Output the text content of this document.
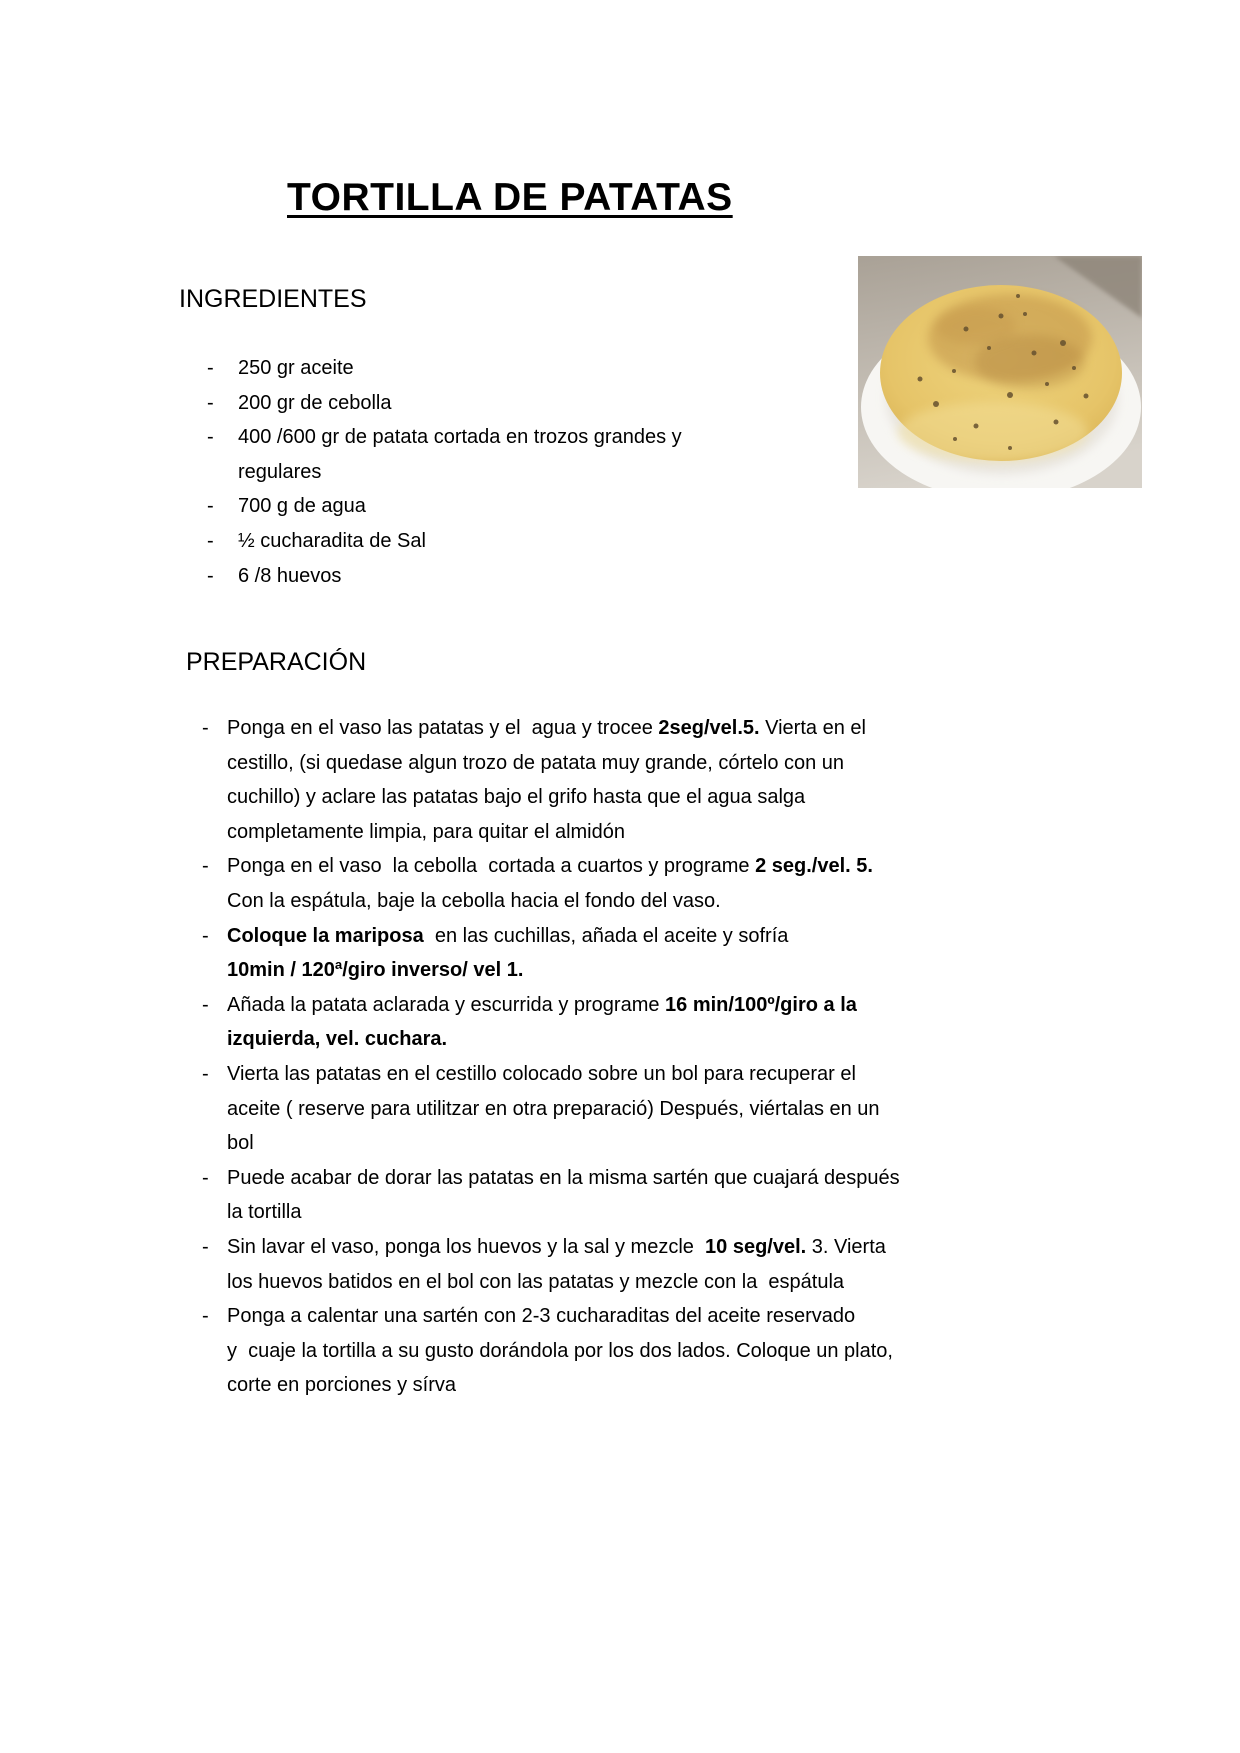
TORTILLA DE PATATAS
INGREDIENTES
-	250 gr aceite
-	200 gr de cebolla
-	400 /600 gr de patata cortada en trozos grandes y
regulares
-	700 g de agua
-	½ cucharadita de Sal
-	6 /8 huevos
PREPARACIÓN
- Ponga en el vaso las patatas y el  agua y trocee 2seg/vel.5. Vierta en el
cestillo, (si quedase algun trozo de patata muy grande, córtelo con un
cuchillo) y aclare las patatas bajo el grifo hasta que el agua salga
completamente limpia, para quitar el almidón
- Ponga en el vaso  la cebolla  cortada a cuartos y programe 2 seg./vel. 5.
Con la espátula, baje la cebolla hacia el fondo del vaso.
- Coloque la mariposa  en las cuchillas, añada el aceite y sofría
10min / 120ª/giro inverso/ vel 1.
- Añada la patata aclarada y escurrida y programe 16 min/100º/giro a la
izquierda, vel. cuchara.
- Vierta las patatas en el cestillo colocado sobre un bol para recuperar el
aceite ( reserve para utilitzar en otra preparació) Después, viértalas en un
bol
- Puede acabar de dorar las patatas en la misma sartén que cuajará después
la tortilla
- Sin lavar el vaso, ponga los huevos y la sal y mezcle  10 seg/vel. 3. Vierta
los huevos batidos en el bol con las patatas y mezcle con la  espátula
- Ponga a calentar una sartén con 2-3 cucharaditas del aceite reservado
y  cuaje la tortilla a su gusto dorándola por los dos lados. Coloque un plato,
corte en porciones y sírva
